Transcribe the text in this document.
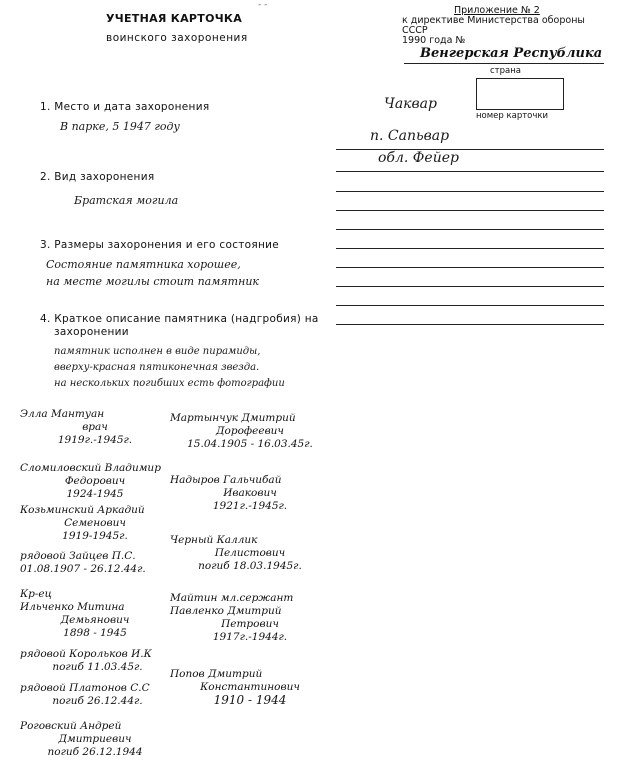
УЧЕТНАЯ КАРТОЧКА
воинского захоронения
- -	Приложение № 2
к директиве Министерства обороны СССР
1990 года №
Венгерская Республика
страна
номер карточки
Чаквар
п. Сапьвар
обл. Фейер
1. Место и дата захоронения
В парке, 5 1947 году
2. Вид захоронения
Братская могила
3. Размеры захоронения и его состояние
Состояние памятника хорошее,
на месте могилы стоит памятник
4. Краткое описание памятника (надгробия) на
захоронении
памятник исполнен в виде пирамиды,
вверху-красная пятиконечная звезда.
на нескольких погибших есть фотографии
Элла Мантуан
врач
1919г.-1945г.
Сломиловский Владимир
Федорович
1924-1945
Козьминский Аркадий
Семенович
1919-1945г.
рядовой Зайцев П.С.
01.08.1907 - 26.12.44г.
Кр-ец
Ильченко Митина
Демьянович
1898 - 1945
рядовой Корольков И.К
погиб 11.03.45г.
рядовой Платонов С.С
погиб 26.12.44г.
Роговский Андрей
Дмитриевич
погиб 26.12.1944
Мартынчук Дмитрий
Дорофеевич
15.04.1905 - 16.03.45г.
Надыров Гальчибай
Ивакович
1921г.-1945г.
Черный Каллик
Пелистович
погиб 18.03.1945г.
Майтин мл.сержант
Павленко Дмитрий
Петрович
1917г.-1944г.
Попов Дмитрий
Константинович
1910 - 1944
